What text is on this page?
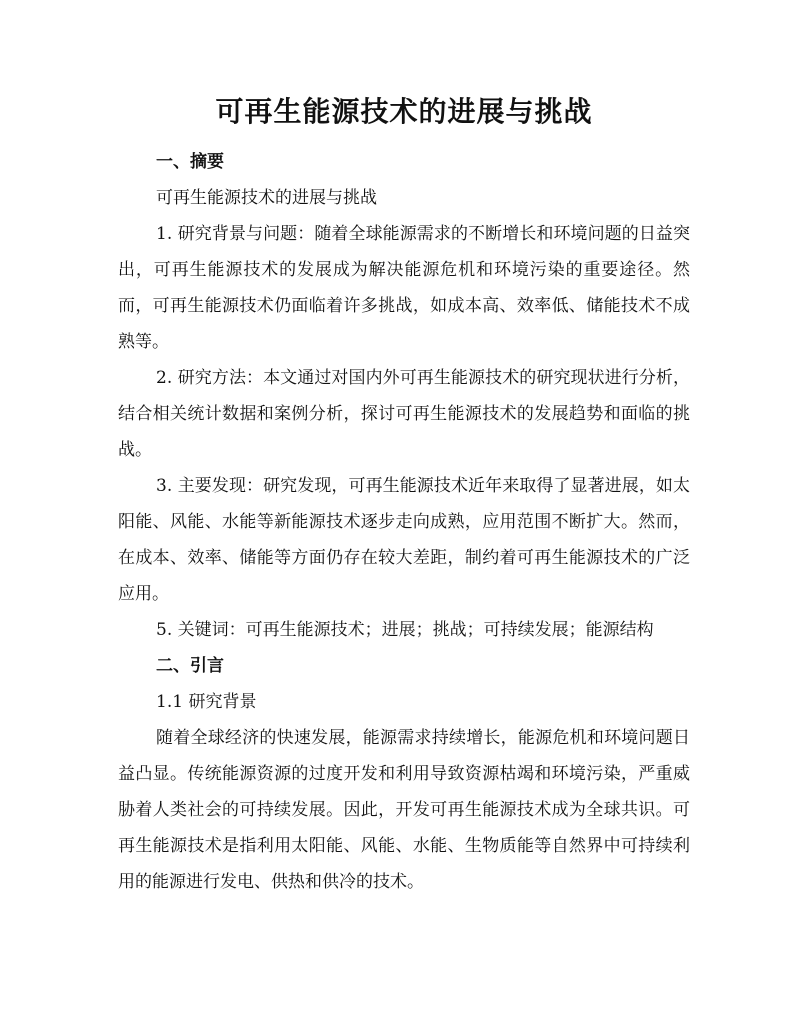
可再生能源技术的进展与挑战

一、摘要

可再生能源技术的进展与挑战

1. 研究背景与问题：随着全球能源需求的不断增长和环境问题的日益突出，可再生能源技术的发展成为解决能源危机和环境污染的重要途径。然而，可再生能源技术仍面临着许多挑战，如成本高、效率低、储能技术不成熟等。

2. 研究方法：本文通过对国内外可再生能源技术的研究现状进行分析，结合相关统计数据和案例分析，探讨可再生能源技术的发展趋势和面临的挑战。

3. 主要发现：研究发现，可再生能源技术近年来取得了显著进展，如太阳能、风能、水能等新能源技术逐步走向成熟，应用范围不断扩大。然而，在成本、效率、储能等方面仍存在较大差距，制约着可再生能源技术的广泛应用。

5. 关键词：可再生能源技术；进展；挑战；可持续发展；能源结构

二、引言

1.1 研究背景

随着全球经济的快速发展，能源需求持续增长，能源危机和环境问题日益凸显。传统能源资源的过度开发和利用导致资源枯竭和环境污染，严重威胁着人类社会的可持续发展。因此，开发可再生能源技术成为全球共识。可再生能源技术是指利用太阳能、风能、水能、生物质能等自然界中可持续利用的能源进行发电、供热和供冷的技术。
